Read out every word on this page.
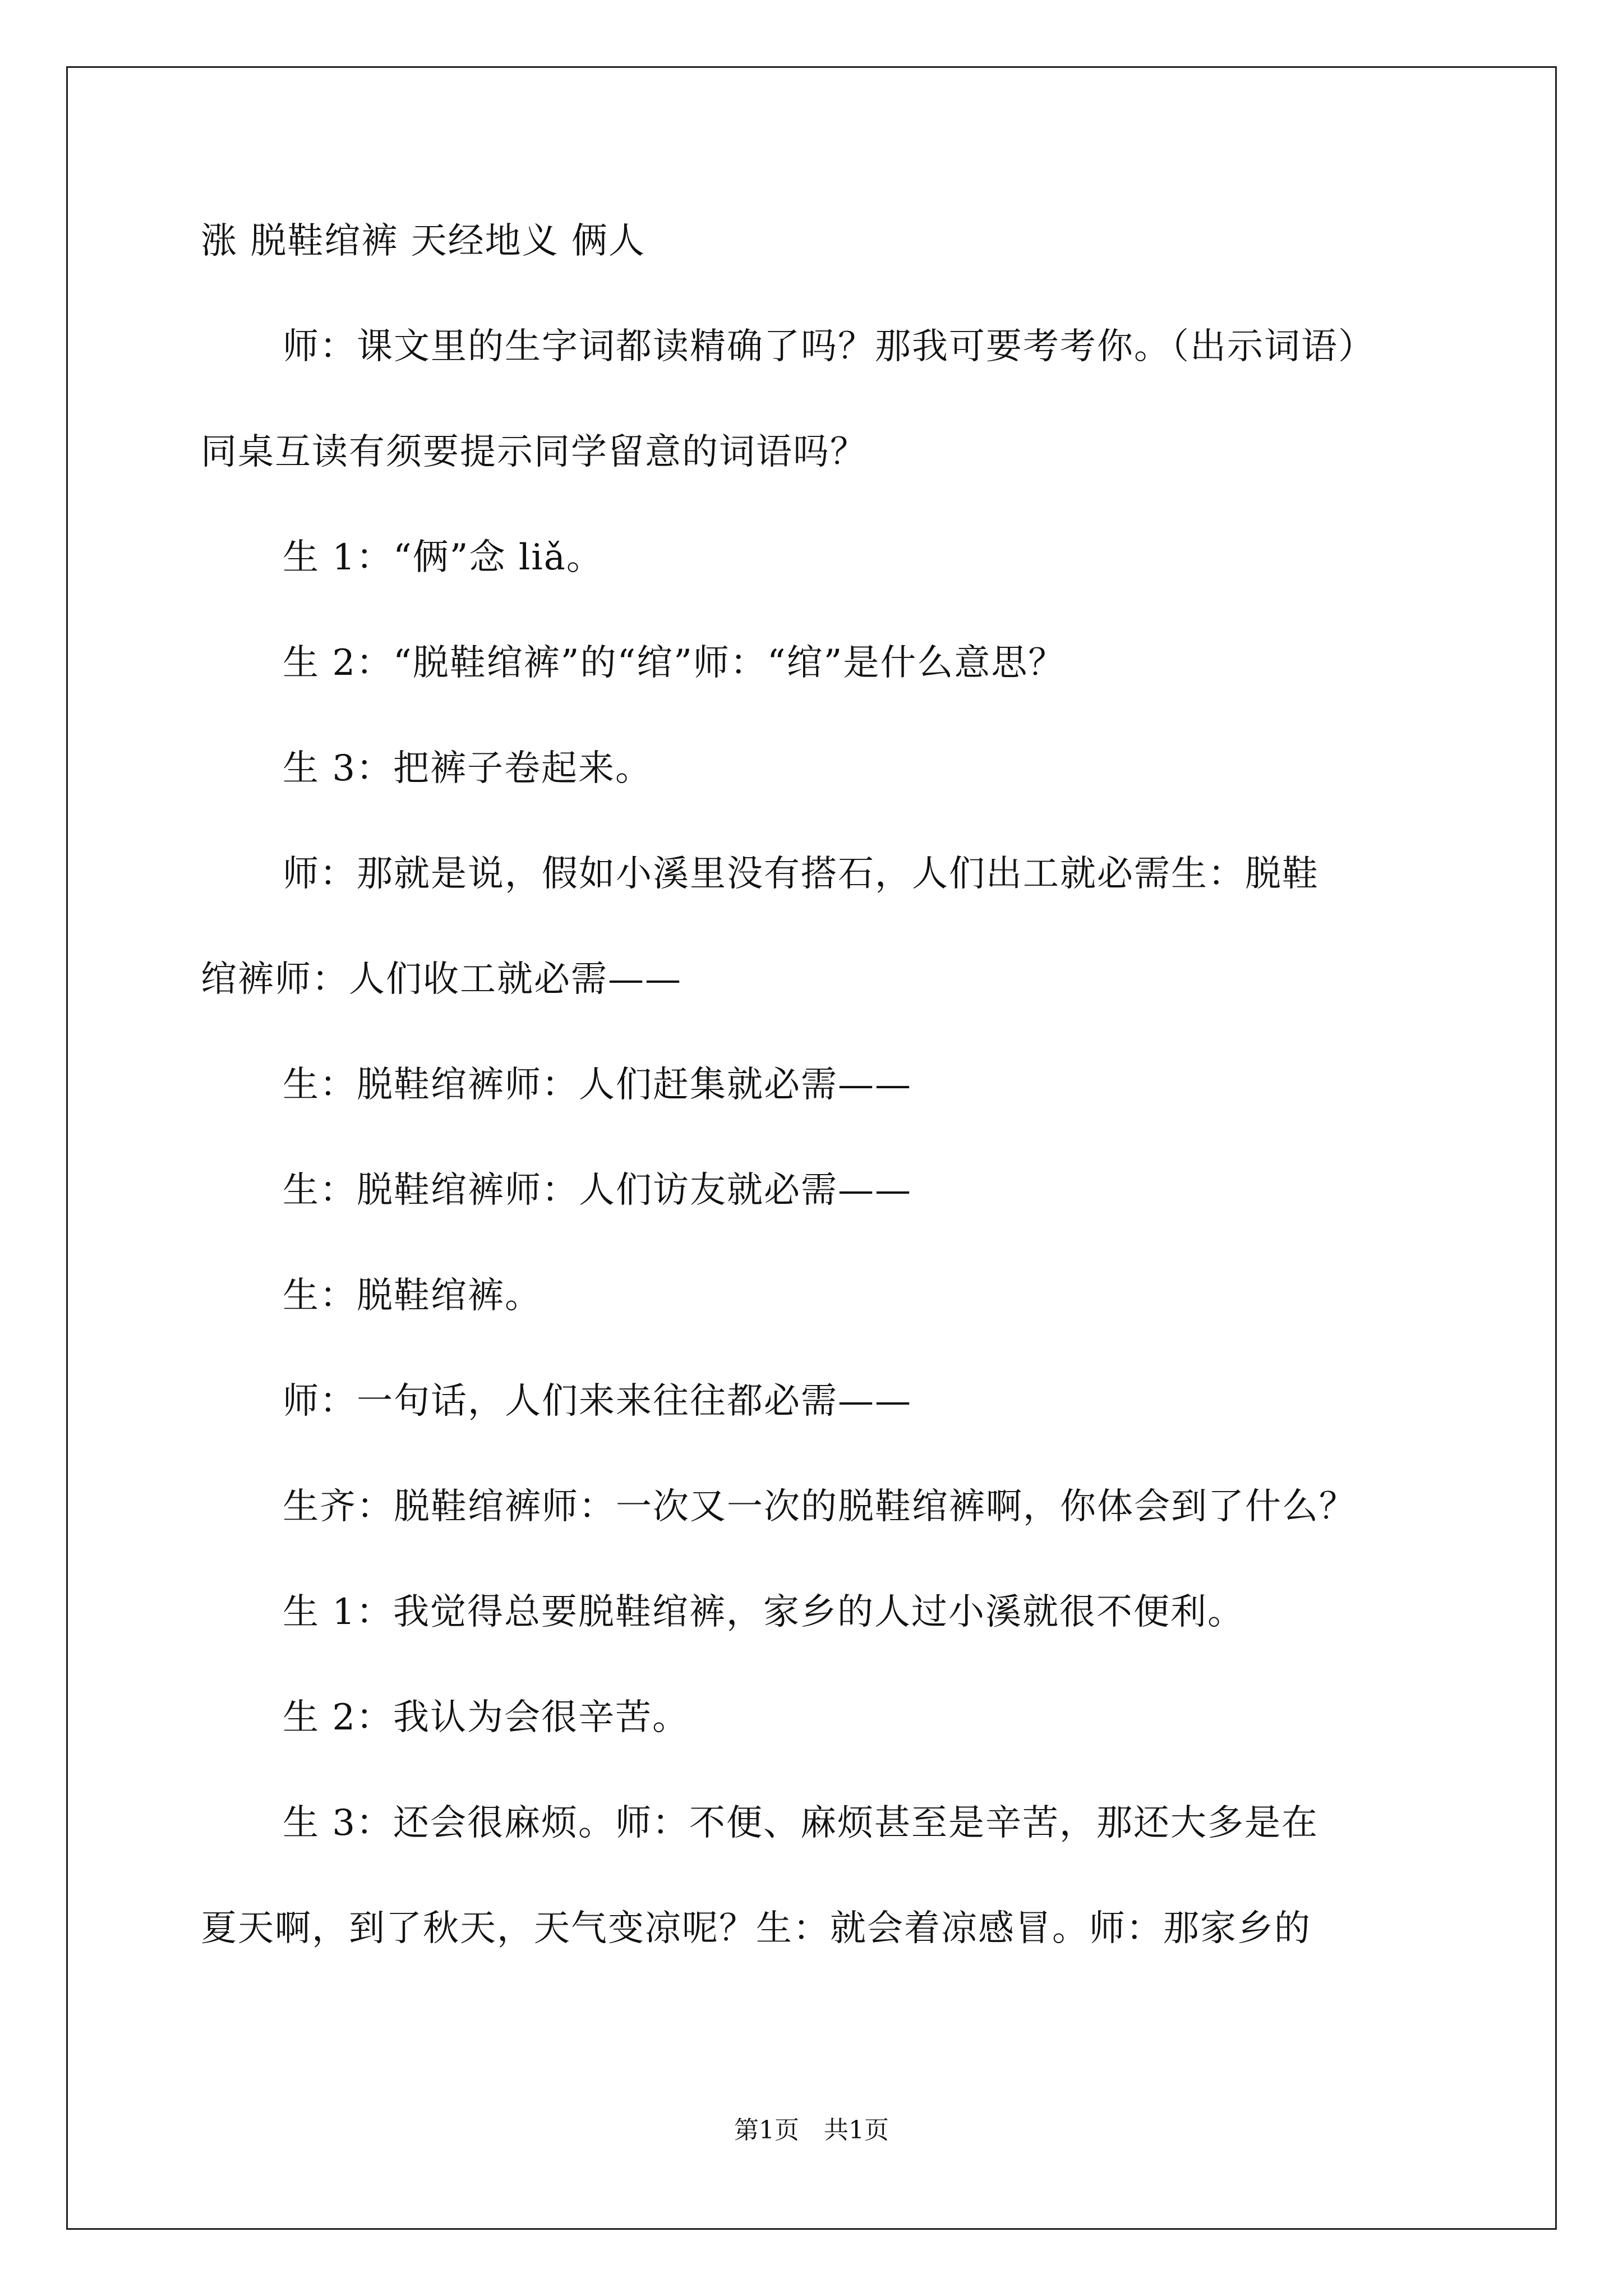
涨 脱鞋绾裤 天经地义 俩人
师：课文里的生字词都读精确了吗？那我可要考考你。（出示词语）
同桌互读有须要提示同学留意的词语吗？
生 1：“俩”念 liǎ。
生 2：“脱鞋绾裤”的“绾”师：“绾”是什么意思？
生 3：把裤子卷起来。
师：那就是说，假如小溪里没有搭石，人们出工就必需生：脱鞋
绾裤师：人们收工就必需——
生：脱鞋绾裤师：人们赶集就必需——
生：脱鞋绾裤师：人们访友就必需——
生：脱鞋绾裤。
师：一句话，人们来来往往都必需——
生齐：脱鞋绾裤师：一次又一次的脱鞋绾裤啊，你体会到了什么？
生 1：我觉得总要脱鞋绾裤，家乡的人过小溪就很不便利。
生 2：我认为会很辛苦。
生 3：还会很麻烦。师：不便、麻烦甚至是辛苦，那还大多是在
夏天啊，到了秋天，天气变凉呢？生：就会着凉感冒。师：那家乡的
第1页　共1页
